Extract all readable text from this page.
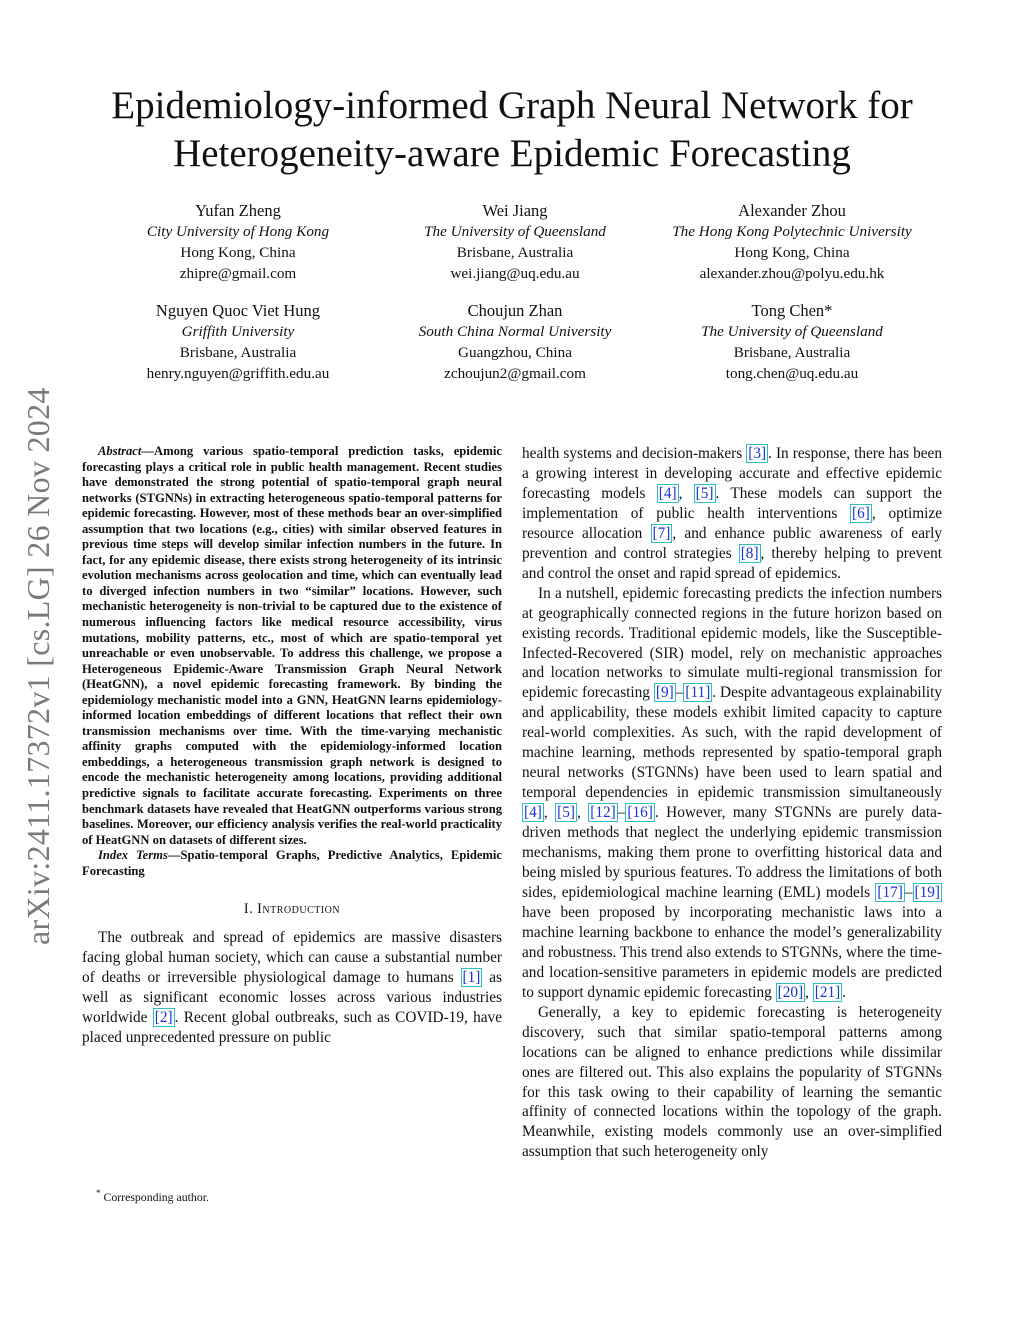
arXiv:2411.17372v1 [cs.LG] 26 Nov 2024
Epidemiology-informed Graph Neural Network for
Heterogeneity-aware Epidemic Forecasting
Yufan Zheng
City University of Hong Kong
Hong Kong, China
zhipre@gmail.com
Wei Jiang
The University of Queensland
Brisbane, Australia
wei.jiang@uq.edu.au
Alexander Zhou
The Hong Kong Polytechnic University
Hong Kong, China
alexander.zhou@polyu.edu.hk
Nguyen Quoc Viet Hung
Griffith University
Brisbane, Australia
henry.nguyen@griffith.edu.au
Choujun Zhan
South China Normal University
Guangzhou, China
zchoujun2@gmail.com
Tong Chen*
The University of Queensland
Brisbane, Australia
tong.chen@uq.edu.au

Abstract—Among various spatio-temporal prediction tasks, epidemic forecasting plays a critical role in public health management. Recent studies have demonstrated the strong potential of spatio-temporal graph neural networks (STGNNs) in extracting heterogeneous spatio-temporal patterns for epidemic forecasting. However, most of these methods bear an over-simplified assumption that two locations (e.g., cities) with similar observed features in previous time steps will develop similar infection numbers in the future. In fact, for any epidemic disease, there exists strong heterogeneity of its intrinsic evolution mechanisms across geolocation and time, which can eventually lead to diverged infection numbers in two “similar” locations. However, such mechanistic heterogeneity is non-trivial to be captured due to the existence of numerous influencing factors like medical resource accessibility, virus mutations, mobility patterns, etc., most of which are spatio-temporal yet unreachable or even unobservable. To address this challenge, we propose a Heterogeneous Epidemic-Aware Transmission Graph Neural Network (HeatGNN), a novel epidemic forecasting framework. By binding the epidemiology mechanistic model into a GNN, HeatGNN learns epidemiology-informed location embeddings of different locations that reflect their own transmission mechanisms over time. With the time-varying mechanistic affinity graphs computed with the epidemiology-informed location embeddings, a heterogeneous transmission graph network is designed to encode the mechanistic heterogeneity among locations, providing additional predictive signals to facilitate accurate forecasting. Experiments on three benchmark datasets have revealed that HeatGNN outperforms various strong baselines. Moreover, our efficiency analysis verifies the real-world practicality of HeatGNN on datasets of different sizes.

Index Terms—Spatio-temporal Graphs, Predictive Analytics, Epidemic Forecasting

I. Introduction

The outbreak and spread of epidemics are massive disasters facing global human society, which can cause a substantial number of deaths or irreversible physiological damage to humans [1] as well as significant economic losses across various industries worldwide [2] . Recent global outbreaks, such as COVID-19, have placed unprecedented pressure on public

health systems and decision-makers [3] . In response, there has been a growing interest in developing accurate and effective epidemic forecasting models [4] , [5] . These models can support the implementation of public health interventions [6] , optimize resource allocation [7] , and enhance public awareness of early prevention and control strategies [8] , thereby helping to prevent and control the onset and rapid spread of epidemics.

In a nutshell, epidemic forecasting predicts the infection numbers at geographically connected regions in the future horizon based on existing records. Traditional epidemic models, like the Susceptible-Infected-Recovered (SIR) model, rely on mechanistic approaches and location networks to simulate multi-regional transmission for epidemic forecasting [9] – [11] . Despite advantageous explainability and applicability, these models exhibit limited capacity to capture real-world complexities. As such, with the rapid development of machine learning, methods represented by spatio-temporal graph neural networks (STGNNs) have been used to learn spatial and temporal dependencies in epidemic transmission simultaneously [4] , [5] , [12] – [16] . However, many STGNNs are purely data-driven methods that neglect the underlying epidemic transmission mechanisms, making them prone to overfitting historical data and being misled by spurious features. To address the limitations of both sides, epidemiological machine learning (EML) models [17] – [19] have been proposed by incorporating mechanistic laws into a machine learning backbone to enhance the model’s generalizability and robustness. This trend also extends to STGNNs, where the time- and location-sensitive parameters in epidemic models are predicted to support dynamic epidemic forecasting [20] , [21] .

Generally, a key to epidemic forecasting is heterogeneity discovery, such that similar spatio-temporal patterns among locations can be aligned to enhance predictions while dissimilar ones are filtered out. This also explains the popularity of STGNNs for this task owing to their capability of learning the semantic affinity of connected locations within the topology of the graph. Meanwhile, existing models commonly use an over-simplified assumption that such heterogeneity only

* Corresponding author.
